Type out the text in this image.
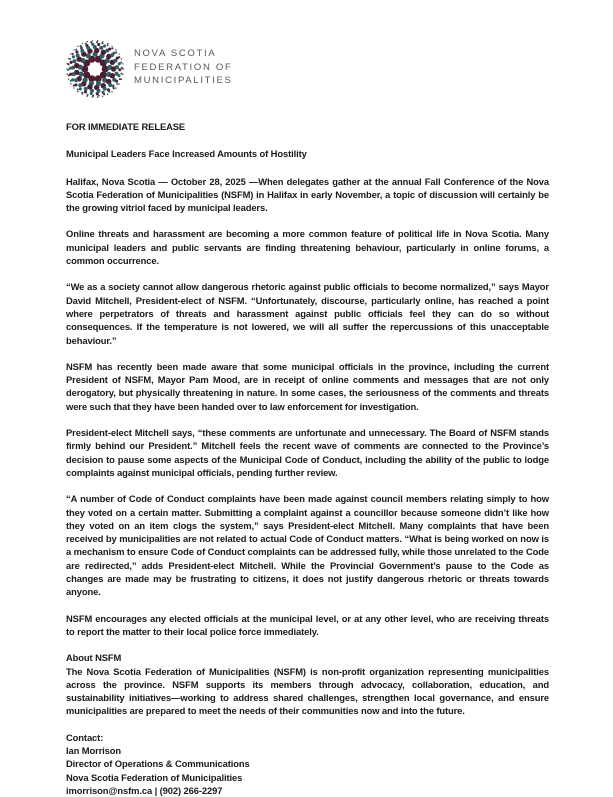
NOVA SCOTIA
FEDERATION OF
MUNICIPALITIES

FOR IMMEDIATE RELEASE

Municipal Leaders Face Increased Amounts of Hostility

Halifax, Nova Scotia — October 28, 2025 —When delegates gather at the annual Fall Conference of the Nova Scotia Federation of Municipalities (NSFM) in Halifax in early November, a topic of discussion will certainly be the growing vitriol faced by municipal leaders.

Online threats and harassment are becoming a more common feature of political life in Nova Scotia. Many municipal leaders and public servants are finding threatening behaviour, particularly in online forums, a common occurrence.

“We as a society cannot allow dangerous rhetoric against public officials to become normalized,” says Mayor David Mitchell, President-elect of NSFM. “Unfortunately, discourse, particularly online, has reached a point where perpetrators of threats and harassment against public officials feel they can do so without consequences. If the temperature is not lowered, we will all suffer the repercussions of this unacceptable behaviour.”

NSFM has recently been made aware that some municipal officials in the province, including the current President of NSFM, Mayor Pam Mood, are in receipt of online comments and messages that are not only derogatory, but physically threatening in nature. In some cases, the seriousness of the comments and threats were such that they have been handed over to law enforcement for investigation.

President-elect Mitchell says, “these comments are unfortunate and unnecessary. The Board of NSFM stands firmly behind our President.” Mitchell feels the recent wave of comments are connected to the Province’s decision to pause some aspects of the Municipal Code of Conduct, including the ability of the public to lodge complaints against municipal officials, pending further review.

“A number of Code of Conduct complaints have been made against council members relating simply to how they voted on a certain matter. Submitting a complaint against a councillor because someone didn’t like how they voted on an item clogs the system,” says President-elect Mitchell. Many complaints that have been received by municipalities are not related to actual Code of Conduct matters. “What is being worked on now is a mechanism to ensure Code of Conduct complaints can be addressed fully, while those unrelated to the Code are redirected,” adds President-elect Mitchell. While the Provincial Government’s pause to the Code as changes are made may be frustrating to citizens, it does not justify dangerous rhetoric or threats towards anyone.

NSFM encourages any elected officials at the municipal level, or at any other level, who are receiving threats to report the matter to their local police force immediately.

About NSFM

The Nova Scotia Federation of Municipalities (NSFM) is non-profit organization representing municipalities across the province. NSFM supports its members through advocacy, collaboration, education, and sustainability initiatives—working to address shared challenges, strengthen local governance, and ensure municipalities are prepared to meet the needs of their communities now and into the future.

Contact:

Ian Morrison
Director of Operations & Communications
Nova Scotia Federation of Municipalities
imorrison@nsfm.ca | (902) 266-2297
